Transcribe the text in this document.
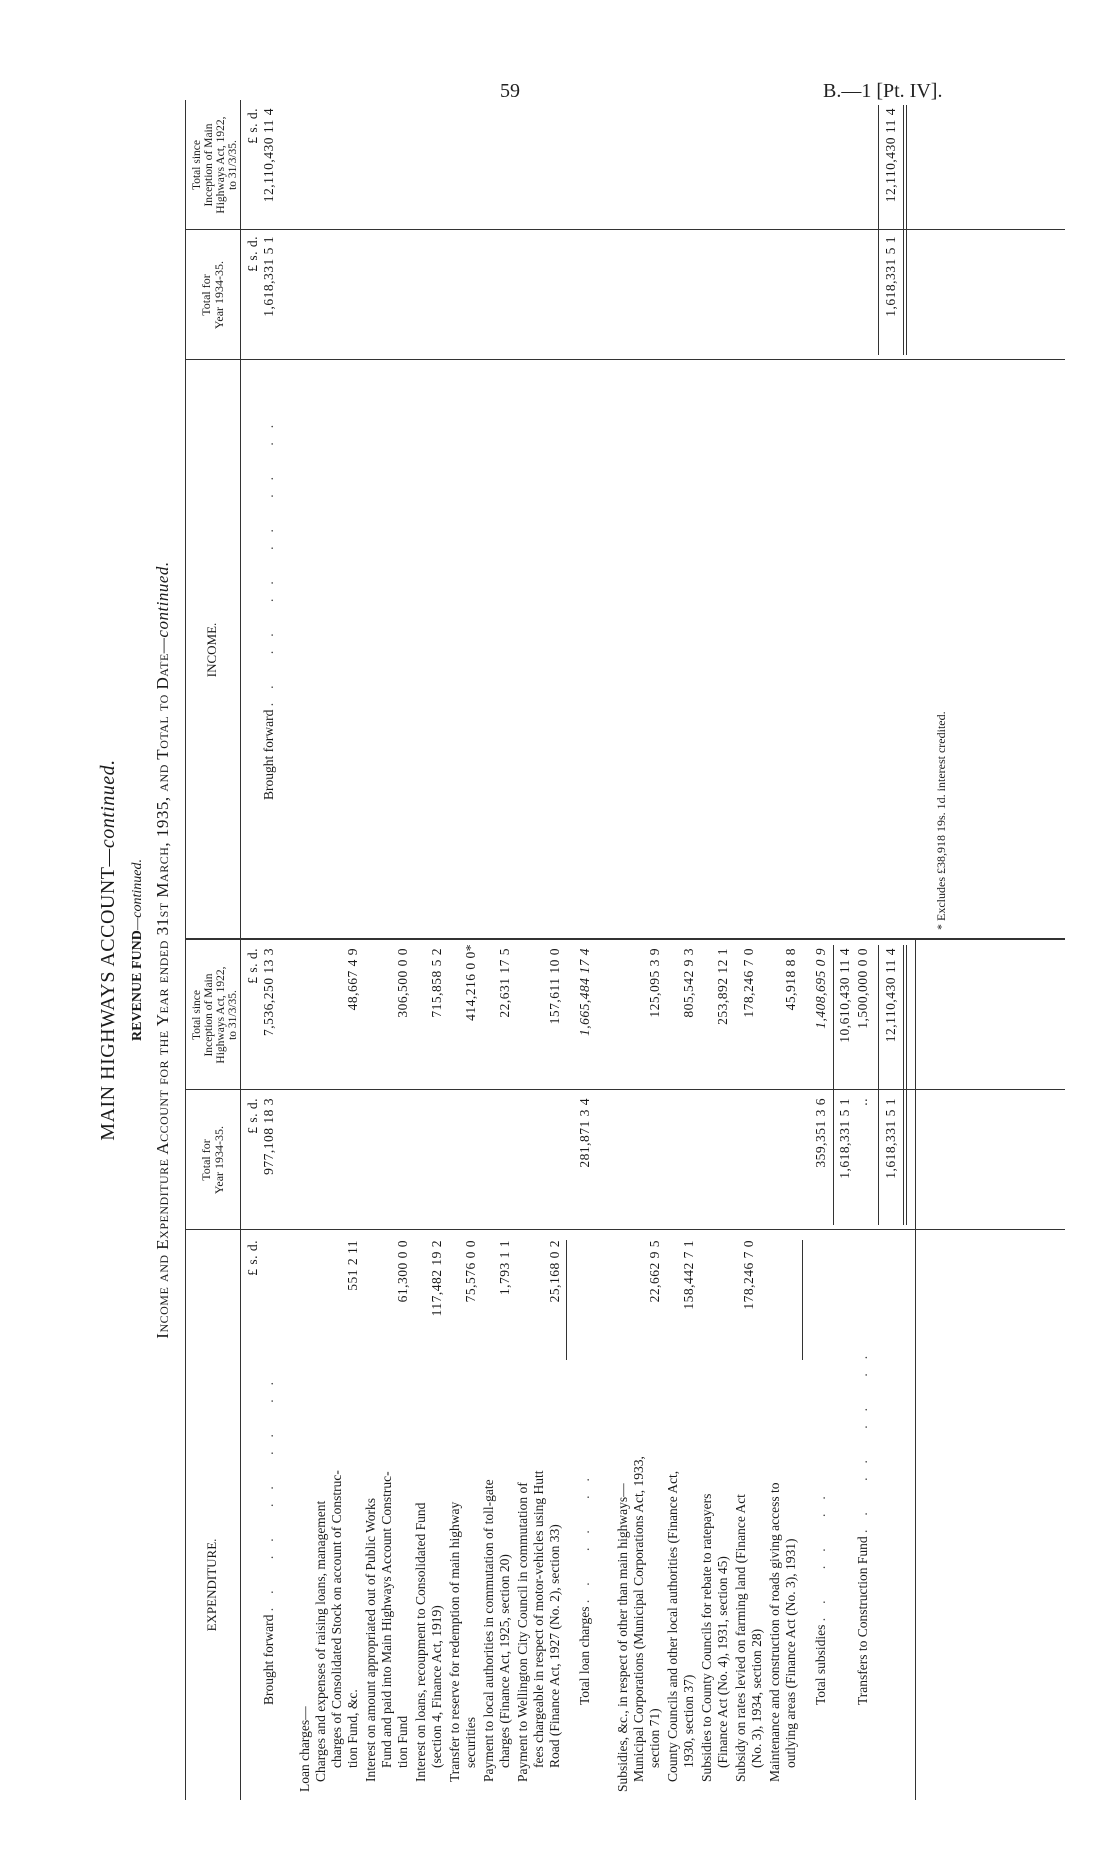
59	B.—1 [Pt. IV].
MAIN HIGHWAYS ACCOUNT—continued.
REVENUE FUND—continued. Income and Expenditure Account for the Year ended 31st March, 1935, and Total to Date—continued.
EXPENDITURE.
Total for Year 1934-35.
Total since Inception of Main Highways Act, 1922, to 31/3/35.
INCOME.
Total for Year 1934-35.
Total since Inception of Main Highways Act, 1922, to 31/3/35.
£ s. d.
£ s. d.
£ s. d.
£ s. d.
£ s. d.
Brought forward .. .. .. .. ..
977,108 18 3
7,536,250 13 3
Loan charges— Charges and expenses of raising loans, management charges of Consolidated Stock on account of Construc- tion Fund, &c.
551 2 11
48,667 4 9
Interest on amount appropriated out of Public Works Fund and paid into Main Highways Account Construc- tion Fund
61,300 0 0
306,500 0 0
Interest on loans, recoupment to Consolidated Fund (section 4, Finance Act, 1919)
117,482 19 2
715,858 5 2
Transfer to reserve for redemption of main highway securities
75,576 0 0
414,216 0 0*
Payment to local authorities in commutation of toll-gate charges (Finance Act, 1925, section 20)
1,793 1 1
22,631 17 5
Payment to Wellington City Council in commutation of fees chargeable in respect of motor-vehicles using Hutt Road (Finance Act, 1927 (No. 2), section 33)
25,168 0 2
157,611 10 0
Total loan charges .. .. ..
281,871 3 4
1,665,484 17 4
Subsidies, &c., in respect of other than main highways— Municipal Corporations (Municipal Corporations Act, 1933, section 71)
22,662 9 5
125,095 3 9
County Councils and other local authorities (Finance Act, 1930, section 37)
158,442 7 1
805,542 9 3
Subsidies to County Councils for rebate to ratepayers (Finance Act (No. 4), 1931, section 45)
253,892 12 1
Subsidy on rates levied on farming land (Finance Act (No. 3), 1934, section 28)
178,246 7 0
178,246 7 0
Maintenance and construction of roads giving access to outlying areas (Finance Act (No. 3), 1931)
45,918 8 8
Total subsidies .. .. ..
359,351 3 6
1,408,695 0 9
1,618,331 5 1
10,610,430 11 4
Transfers to Construction Fund .. .. .. ..
..
1,500,000 0 0
1,618,331 5 1
12,110,430 11 4
Brought forward .. .. .. .. .. ..
1,618,331 5 1
12,110,430 11 4
1,618,331 5 1
12,110,430 11 4
* Excludes £38,918 19s. 1d. interest credited.
